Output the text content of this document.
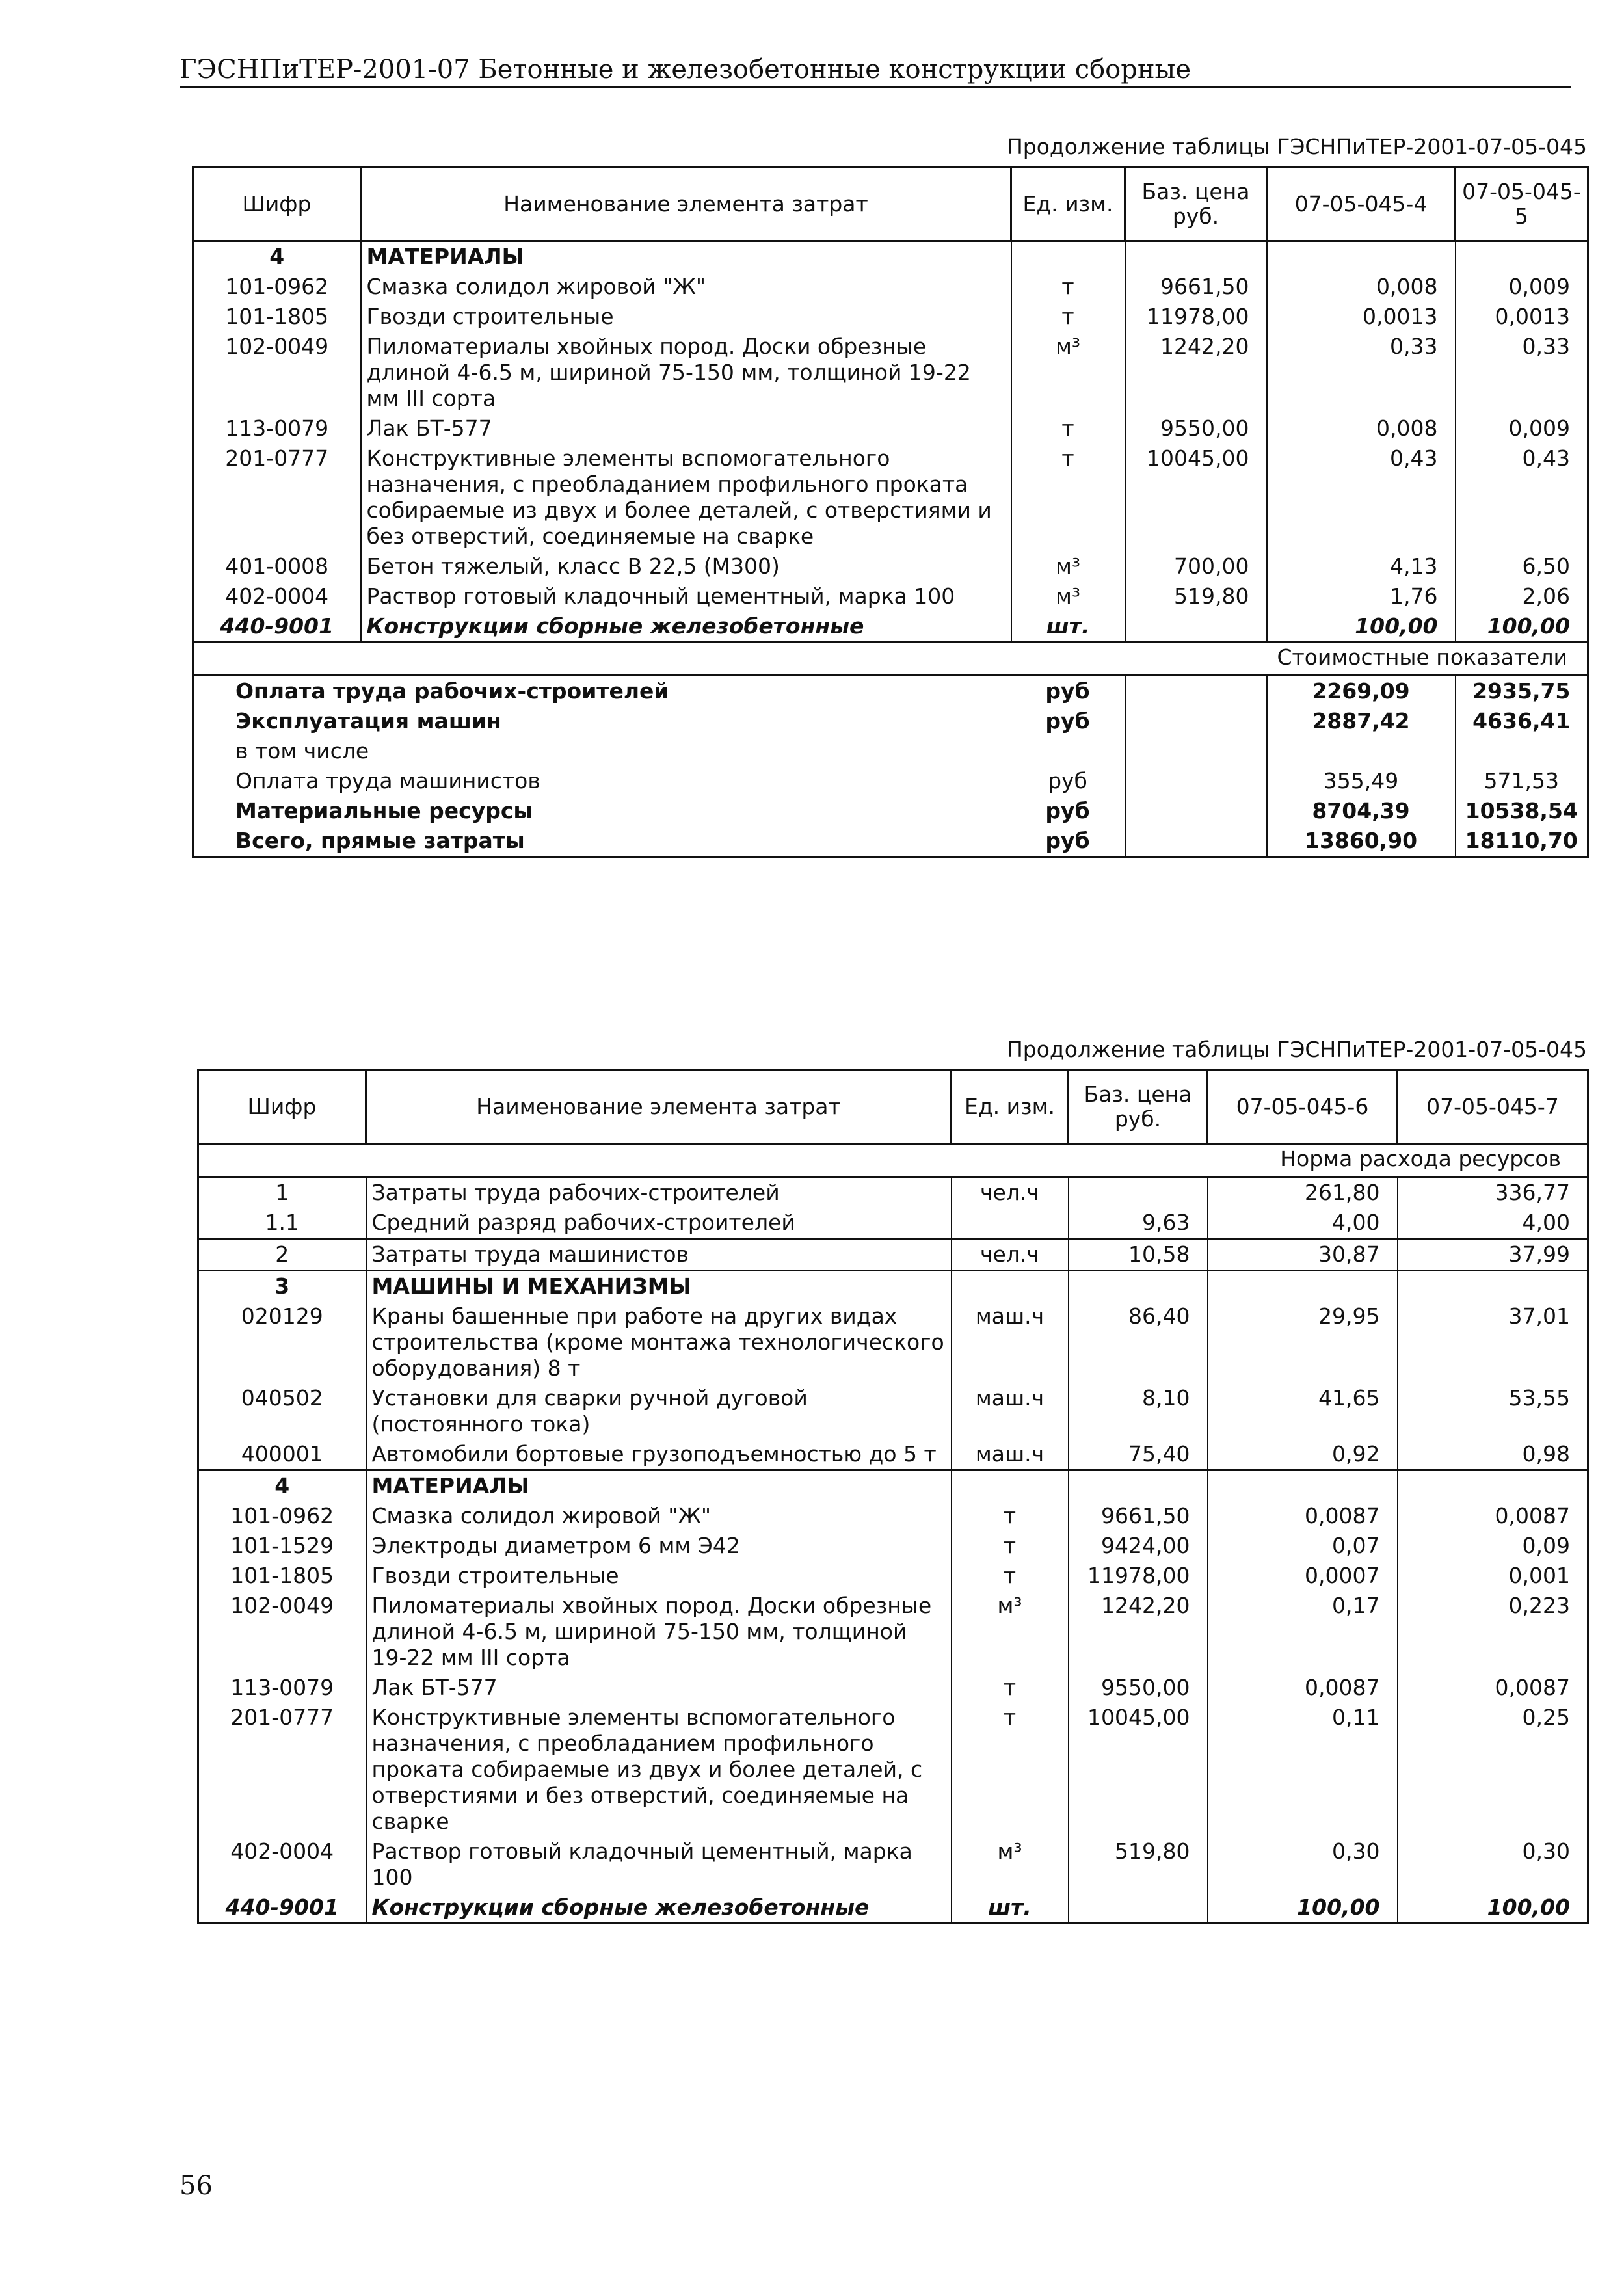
ГЭСНПиТЕР-2001-07 Бетонные и железобетонные конструкции сборные
Продолжение таблицы ГЭСНПиТЕР-2001-07-05-045
Шифр	Наименование элемента затрат	Ед. изм.	Баз. цена руб.	07-05-045-4	07-05-045-5
4	МАТЕРИАЛЫ				
101-0962	Смазка солидол жировой "Ж"	т	9661,50	0,008	0,009
101-1805	Гвозди строительные	т	11978,00	0,0013	0,0013
102-0049	Пиломатериалы хвойных пород. Доски обрезные длиной 4-6.5 м, шириной 75-150 мм, толщиной 19-22 мм III сорта	м³	1242,20	0,33	0,33
113-0079	Лак БТ-577	т	9550,00	0,008	0,009
201-0777	Конструктивные элементы вспомогательного назначения, с преобладанием профильного проката собираемые из двух и более деталей, с отверстиями и без отверстий, соединяемые на сварке	т	10045,00	0,43	0,43
401-0008	Бетон тяжелый, класс В 22,5 (М300)	м³	700,00	4,13	6,50
402-0004	Раствор готовый кладочный цементный, марка 100	м³	519,80	1,76	2,06
440-9001	Конструкции сборные железобетонные	шт.		100,00	100,00
Стоимостные показатели					
Оплата труда рабочих-строителей		руб		2269,09	2935,75
Эксплуатация машин		руб		2887,42	4636,41
в том числе					
Оплата труда машинистов		руб		355,49	571,53
Материальные ресурсы		руб		8704,39	10538,54
Всего, прямые затраты		руб		13860,90	18110,70
Продолжение таблицы ГЭСНПиТЕР-2001-07-05-045
Шифр	Наименование элемента затрат	Ед. изм.	Баз. цена руб.	07-05-045-6	07-05-045-7
Норма расхода ресурсов					
1	Затраты труда рабочих-строителей	чел.ч		261,80	336,77
1.1	Средний разряд рабочих-строителей		9,63	4,00	4,00
2	Затраты труда машинистов	чел.ч	10,58	30,87	37,99
3	МАШИНЫ И МЕХАНИЗМЫ				
020129	Краны башенные при работе на других видах строительства (кроме монтажа технологического оборудования) 8 т	маш.ч	86,40	29,95	37,01
040502	Установки для сварки ручной дуговой (постоянного тока)	маш.ч	8,10	41,65	53,55
400001	Автомобили бортовые грузоподъемностью до 5 т	маш.ч	75,40	0,92	0,98
4	МАТЕРИАЛЫ				
101-0962	Смазка солидол жировой "Ж"	т	9661,50	0,0087	0,0087
101-1529	Электроды диаметром 6 мм Э42	т	9424,00	0,07	0,09
101-1805	Гвозди строительные	т	11978,00	0,0007	0,001
102-0049	Пиломатериалы хвойных пород. Доски обрезные длиной 4-6.5 м, шириной 75-150 мм, толщиной 19-22 мм III сорта	м³	1242,20	0,17	0,223
113-0079	Лак БТ-577	т	9550,00	0,0087	0,0087
201-0777	Конструктивные элементы вспомогательного назначения, с преобладанием профильного проката собираемые из двух и более деталей, с отверстиями и без отверстий, соединяемые на сварке	т	10045,00	0,11	0,25
402-0004	Раствор готовый кладочный цементный, марка 100	м³	519,80	0,30	0,30
440-9001	Конструкции сборные железобетонные	шт.		100,00	100,00
56
